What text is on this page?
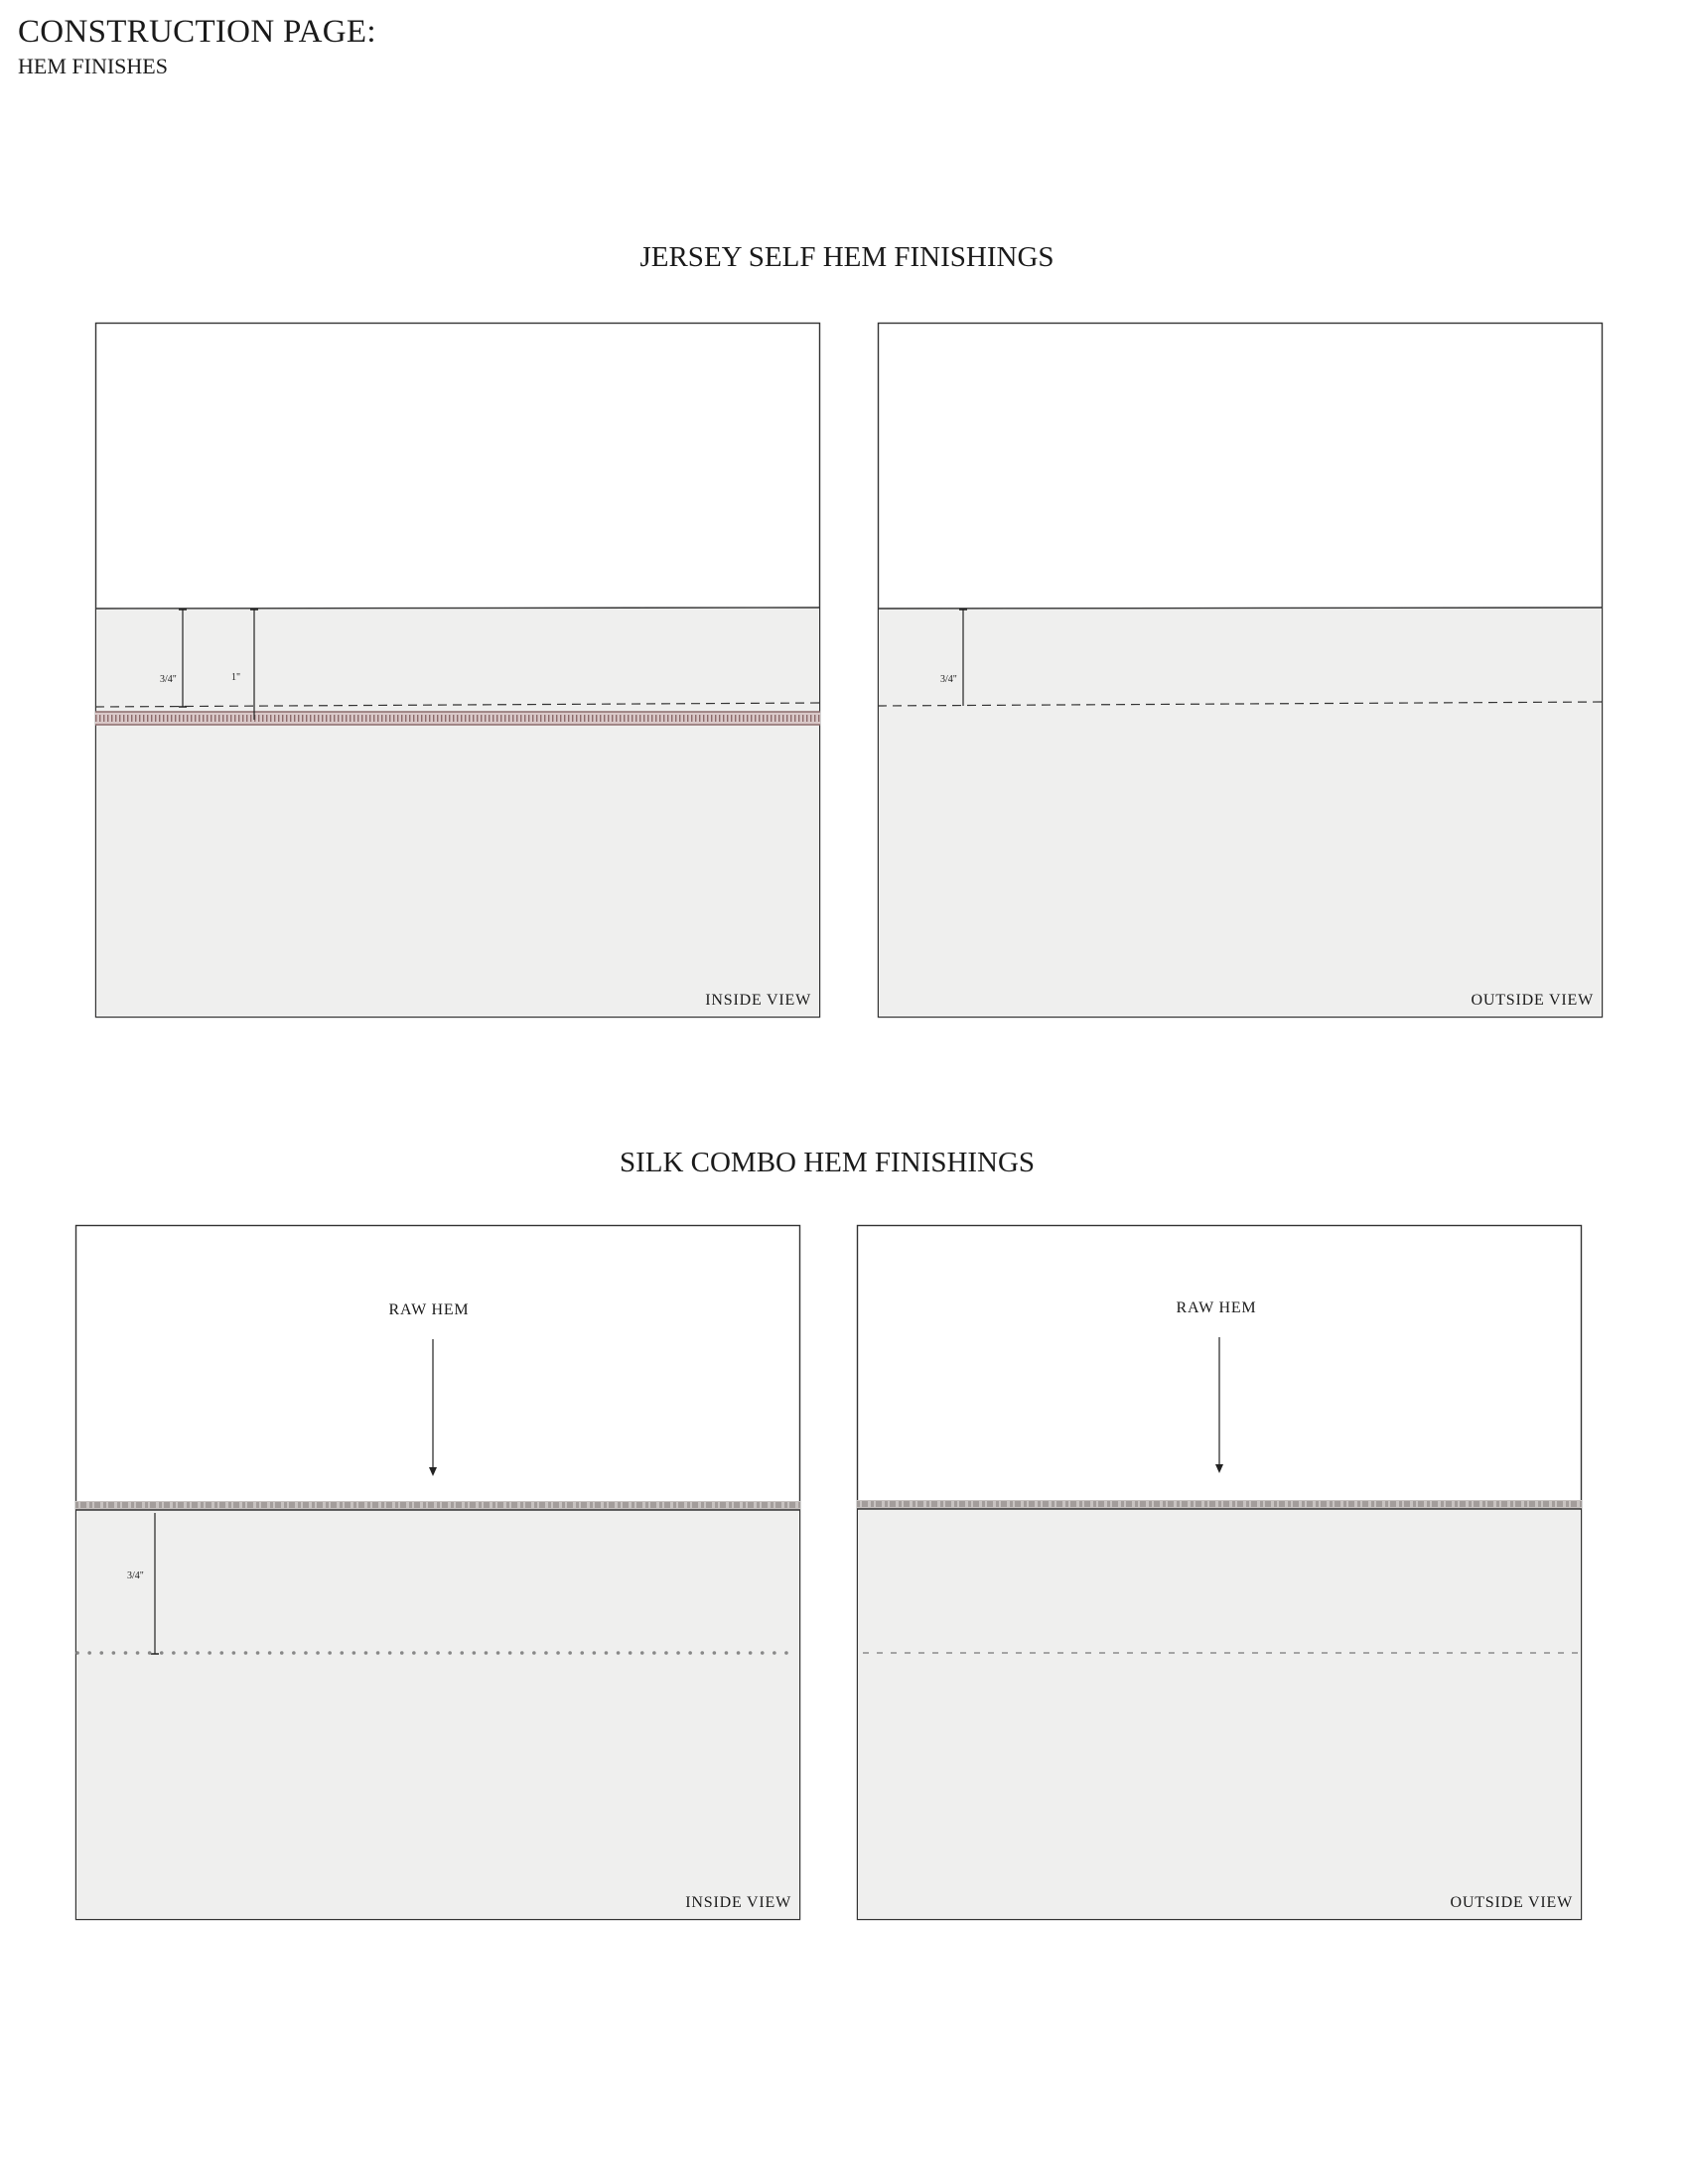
CONSTRUCTION PAGE:
HEM FINISHES
JERSEY SELF HEM FINISHINGS
3/4"	1"
INSIDE VIEW
3/4"
OUTSIDE VIEW
SILK COMBO HEM FINISHINGS
RAW HEM
3/4"
INSIDE VIEW
RAW HEM
OUTSIDE VIEW
